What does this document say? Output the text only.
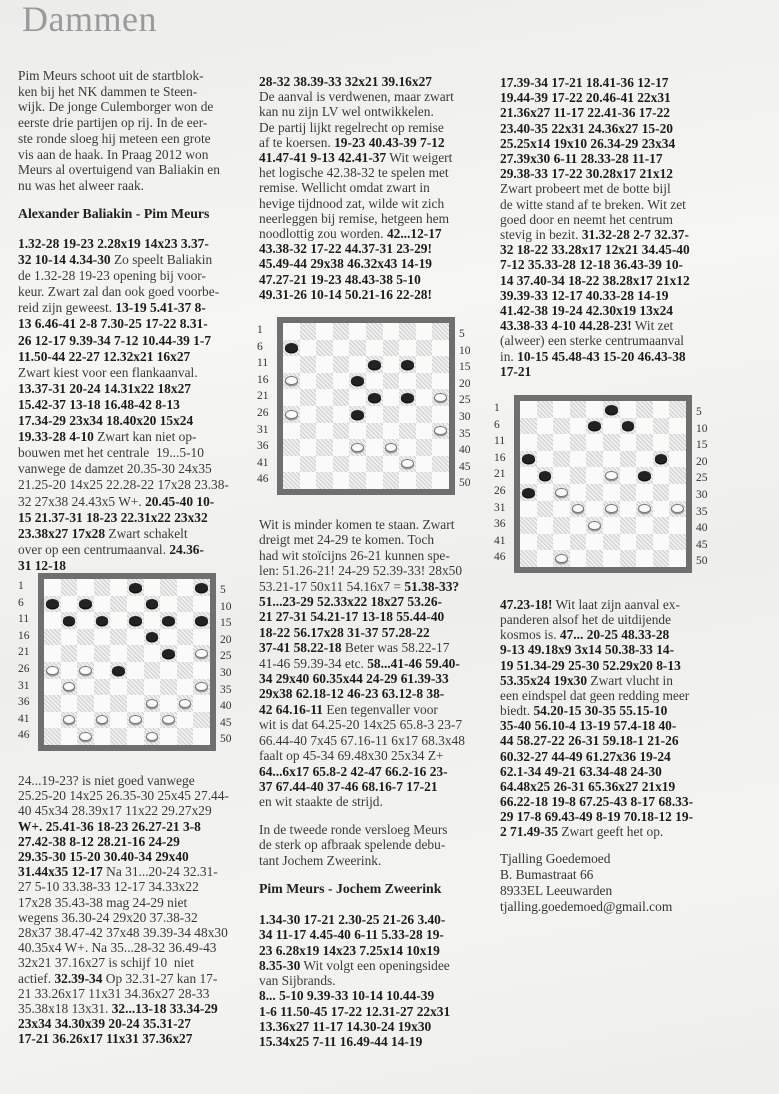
Dammen
Pim Meurs schoot uit de startblok-
ken bij het NK dammen te Steen-
wijk. De jonge Culemborger won de
eerste drie partijen op rij. In de eer-
ste ronde sloeg hij meteen een grote
vis aan de haak. In Praag 2012 won
Meurs al overtuigend van Baliakin en
nu was het alweer raak.
Alexander Baliakin - Pim Meurs
1.32-28 19-23 2.28x19 14x23 3.37-
32 10-14 4.34-30 Zo speelt Baliakin
de 1.32-28 19-23 opening bij voor-
keur. Zwart zal dan ook goed voorbe-
reid zijn geweest. 13-19 5.41-37 8-
13 6.46-41 2-8 7.30-25 17-22 8.31-
26 12-17 9.39-34 7-12 10.44-39 1-7
11.50-44 22-27 12.32x21 16x27
Zwart kiest voor een flankaanval.
13.37-31 20-24 14.31x22 18x27
15.42-37 13-18 16.48-42 8-13
17.34-29 23x34 18.40x20 15x24
19.33-28 4-10 Zwart kan niet op-
bouwen met het centrale  19...5-10
vanwege de damzet 20.35-30 24x35
21.25-20 14x25 22.28-22 17x28 23.38-
32 27x38 24.43x5 W+. 20.45-40 10-
15 21.37-31 18-23 22.31x22 23x32
23.38x27 17x28 Zwart schakelt
over op een centrumaanval. 24.36-
31 12-18
1	5
6	10
11	15
16	20
21	25
26	30
31	35
36	40
41	45
46	50
24...19-23? is niet goed vanwege
25.25-20 14x25 26.35-30 25x45 27.44-
40 45x34 28.39x17 11x22 29.27x29
W+. 25.41-36 18-23 26.27-21 3-8
27.42-38 8-12 28.21-16 24-29
29.35-30 15-20 30.40-34 29x40
31.44x35 12-17 Na 31...20-24 32.31-
27 5-10 33.38-33 12-17 34.33x22
17x28 35.43-38 mag 24-29 niet
wegens 36.30-24 29x20 37.38-32
28x37 38.47-42 37x48 39.39-34 48x30
40.35x4 W+. Na 35...28-32 36.49-43
32x21 37.16x27 is schijf 10  niet
actief. 32.39-34 Op 32.31-27 kan 17-
21 33.26x17 11x31 34.36x27 28-33
35.38x18 13x31. 32...13-18 33.34-29
23x34 34.30x39 20-24 35.31-27
17-21 36.26x17 11x31 37.36x27
28-32 38.39-33 32x21 39.16x27
De aanval is verdwenen, maar zwart
kan nu zijn LV wel ontwikkelen.
De partij lijkt regelrecht op remise
af te koersen. 19-23 40.43-39 7-12
41.47-41 9-13 42.41-37 Wit weigert
het logische 42.38-32 te spelen met
remise. Wellicht omdat zwart in
hevige tijdnood zat, wilde wit zich
neerleggen bij remise, hetgeen hem
noodlottig zou worden. 42...12-17
43.38-32 17-22 44.37-31 23-29!
45.49-44 29x38 46.32x43 14-19
47.27-21 19-23 48.43-38 5-10
49.31-26 10-14 50.21-16 22-28!
1	5
6	10
11	15
16	20
21	25
26	30
31	35
36	40
41	45
46	50
Wit is minder komen te staan. Zwart
dreigt met 24-29 te komen. Toch
had wit stoïcijns 26-21 kunnen spe-
len: 51.26-21! 24-29 52.39-33! 28x50
53.21-17 50x11 54.16x7 = 51.38-33?
51...23-29 52.33x22 18x27 53.26-
21 27-31 54.21-17 13-18 55.44-40
18-22 56.17x28 31-37 57.28-22
37-41 58.22-18 Beter was 58.22-17
41-46 59.39-34 etc. 58...41-46 59.40-
34 29x40 60.35x44 24-29 61.39-33
29x38 62.18-12 46-23 63.12-8 38-
42 64.16-11 Een tegenvaller voor
wit is dat 64.25-20 14x25 65.8-3 23-7
66.44-40 7x45 67.16-11 6x17 68.3x48
faalt op 45-34 69.48x30 25x34 Z+
64...6x17 65.8-2 42-47 66.2-16 23-
37 67.44-40 37-46 68.16-7 17-21
en wit staakte de strijd.
In de tweede ronde versloeg Meurs
de sterk op afbraak spelende debu-
tant Jochem Zweerink.
Pim Meurs - Jochem Zweerink
1.34-30 17-21 2.30-25 21-26 3.40-
34 11-17 4.45-40 6-11 5.33-28 19-
23 6.28x19 14x23 7.25x14 10x19
8.35-30 Wit volgt een openingsidee
van Sijbrands.
8... 5-10 9.39-33 10-14 10.44-39
1-6 11.50-45 17-22 12.31-27 22x31
13.36x27 11-17 14.30-24 19x30
15.34x25 7-11 16.49-44 14-19
17.39-34 17-21 18.41-36 12-17
19.44-39 17-22 20.46-41 22x31
21.36x27 11-17 22.41-36 17-22
23.40-35 22x31 24.36x27 15-20
25.25x14 19x10 26.34-29 23x34
27.39x30 6-11 28.33-28 11-17
29.38-33 17-22 30.28x17 21x12
Zwart probeert met de botte bijl
de witte stand af te breken. Wit zet
goed door en neemt het centrum
stevig in bezit. 31.32-28 2-7 32.37-
32 18-22 33.28x17 12x21 34.45-40
7-12 35.33-28 12-18 36.43-39 10-
14 37.40-34 18-22 38.28x17 21x12
39.39-33 12-17 40.33-28 14-19
41.42-38 19-24 42.30x19 13x24
43.38-33 4-10 44.28-23! Wit zet
(alweer) een sterke centrumaanval
in. 10-15 45.48-43 15-20 46.43-38
17-21
1	5
6	10
11	15
16	20
21	25
26	30
31	35
36	40
41	45
46	50
47.23-18! Wit laat zijn aanval ex-
panderen alsof het de uitdijende
kosmos is. 47... 20-25 48.33-28
9-13 49.18x9 3x14 50.38-33 14-
19 51.34-29 25-30 52.29x20 8-13
53.35x24 19x30 Zwart vlucht in
een eindspel dat geen redding meer
biedt. 54.20-15 30-35 55.15-10
35-40 56.10-4 13-19 57.4-18 40-
44 58.27-22 26-31 59.18-1 21-26
60.32-27 44-49 61.27x36 19-24
62.1-34 49-21 63.34-48 24-30
64.48x25 26-31 65.36x27 21x19
66.22-18 19-8 67.25-43 8-17 68.33-
29 17-8 69.43-49 8-19 70.18-12 19-
2 71.49-35 Zwart geeft het op.
Tjalling Goedemoed
B. Bumastraat 66
8933EL Leeuwarden
tjalling.goedemoed@gmail.com
